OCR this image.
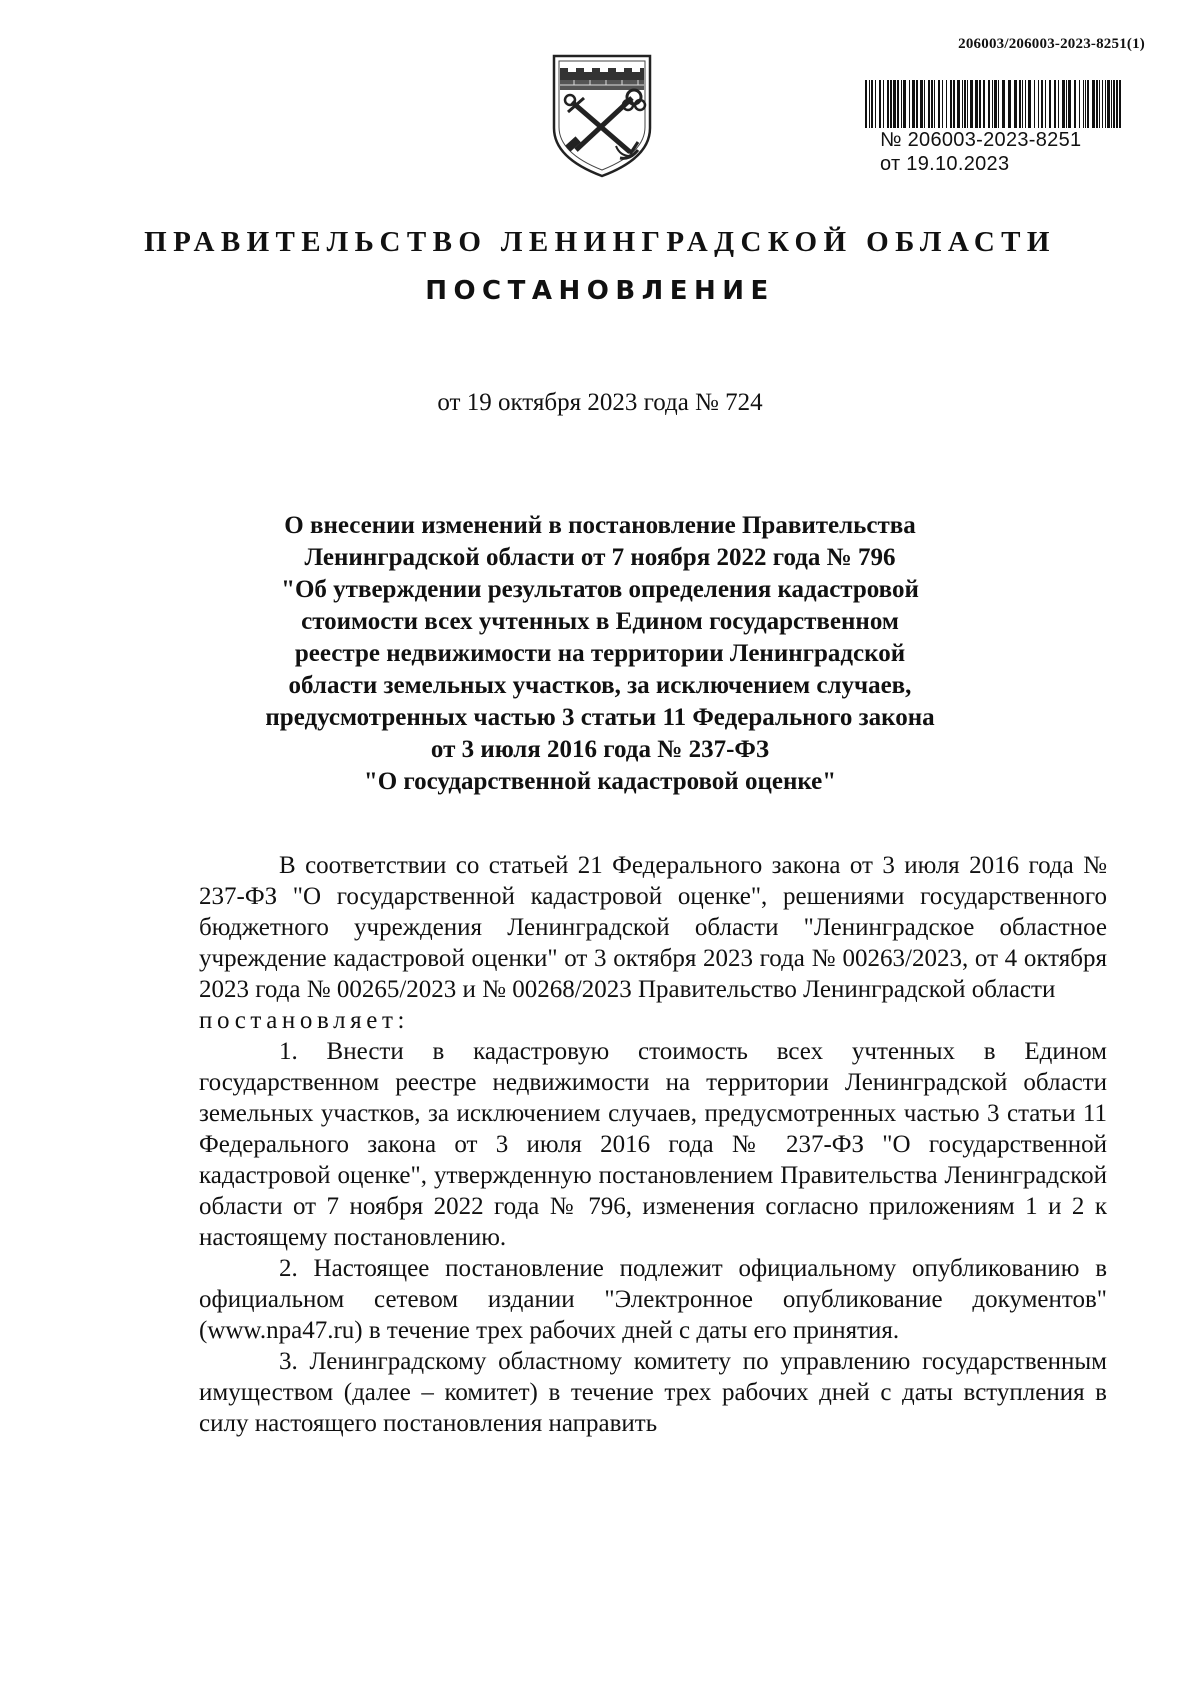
206003/206003-2023-8251(1)
№ 206003-2023-8251
от 19.10.2023
ПРАВИТЕЛЬСТВО ЛЕНИНГРАДСКОЙ ОБЛАСТИ
ПОСТАНОВЛЕНИЕ
от 19 октября 2023 года № 724
О внесении изменений в постановление Правительства
Ленинградской области от 7 ноября 2022 года № 796
"Об утверждении результатов определения кадастровой
стоимости всех учтенных в Едином государственном
реестре недвижимости на территории Ленинградской
области земельных участков, за исключением случаев,
предусмотренных частью 3 статьи 11 Федерального закона
от 3 июля 2016 года № 237-ФЗ
"О государственной кадастровой оценке"

В соответствии со статьей 21 Федерального закона от 3 июля 2016 года № 237-ФЗ "О государственной кадастровой оценке", решениями государственного бюджетного учреждения Ленинградской области "Ленинградское областное учреждение кадастровой оценки" от 3 октября 2023 года № 00263/2023, от 4 октября 2023 года № 00265/2023 и № 00268/2023 Правительство Ленинградской области

постановляет:

1. Внести в кадастровую стоимость всех учтенных в Едином государственном реестре недвижимости на территории Ленинградской области земельных участков, за исключением случаев, предусмотренных частью 3 статьи 11 Федерального закона от 3 июля 2016 года № 237-ФЗ "О государственной кадастровой оценке", утвержденную постановлением Правительства Ленинградской области от 7 ноября 2022 года № 796, изменения согласно приложениям 1 и 2 к настоящему постановлению.

2. Настоящее постановление подлежит официальному опубликованию в официальном сетевом издании "Электронное опубликование документов" (www.npa47.ru) в течение трех рабочих дней с даты его принятия.

3. Ленинградскому областному комитету по управлению государственным имуществом (далее – комитет) в течение трех рабочих дней с даты вступления в силу настоящего постановления направить
